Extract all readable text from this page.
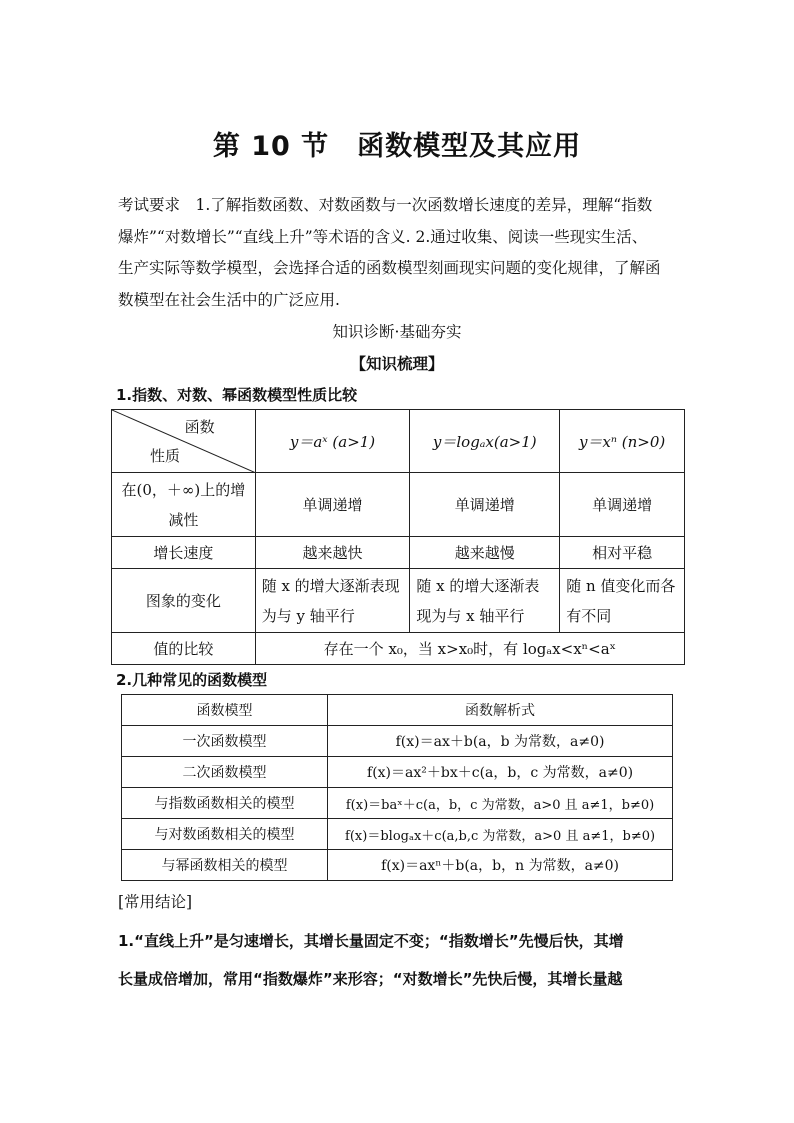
第 10 节　函数模型及其应用
考试要求　1.了解指数函数、对数函数与一次函数增长速度的差异，理解“指数
爆炸”“对数增长”“直线上升”等术语的含义. 2.通过收集、阅读一些现实生活、
生产实际等数学模型，会选择合适的函数模型刻画现实问题的变化规律，了解函
数模型在社会生活中的广泛应用.
知识诊断·基础夯实
【知识梳理】
1.指数、对数、幂函数模型性质比较
函数
性质	y＝aˣ (a>1)	y＝logₐx(a>1)	y＝xⁿ (n>0)
在(0，＋∞)上的增减性	单调递增	单调递增	单调递增
增长速度	越来越快	越来越慢	相对平稳
图象的变化	随 x 的增大逐渐表现为与 y 轴平行	随 x 的增大逐渐表现为与 x 轴平行	随 n 值变化而各有不同
值的比较	存在一个 x₀，当 x>x₀时，有 logₐx<xⁿ<aˣ		
2.几种常见的函数模型
函数模型	函数解析式
一次函数模型	f(x)＝ax＋b(a，b 为常数，a≠0)
二次函数模型	f(x)＝ax²＋bx＋c(a，b，c 为常数，a≠0)
与指数函数相关的模型	f(x)＝baˣ＋c(a，b，c 为常数，a>0 且 a≠1，b≠0)
与对数函数相关的模型	f(x)＝blogₐx＋c(a,b,c 为常数，a>0 且 a≠1，b≠0)
与幂函数相关的模型	f(x)＝axⁿ＋b(a，b，n 为常数，a≠0)
[常用结论]
1.“直线上升”是匀速增长，其增长量固定不变；“指数增长”先慢后快，其增
长量成倍增加，常用“指数爆炸”来形容；“对数增长”先快后慢，其增长量越
